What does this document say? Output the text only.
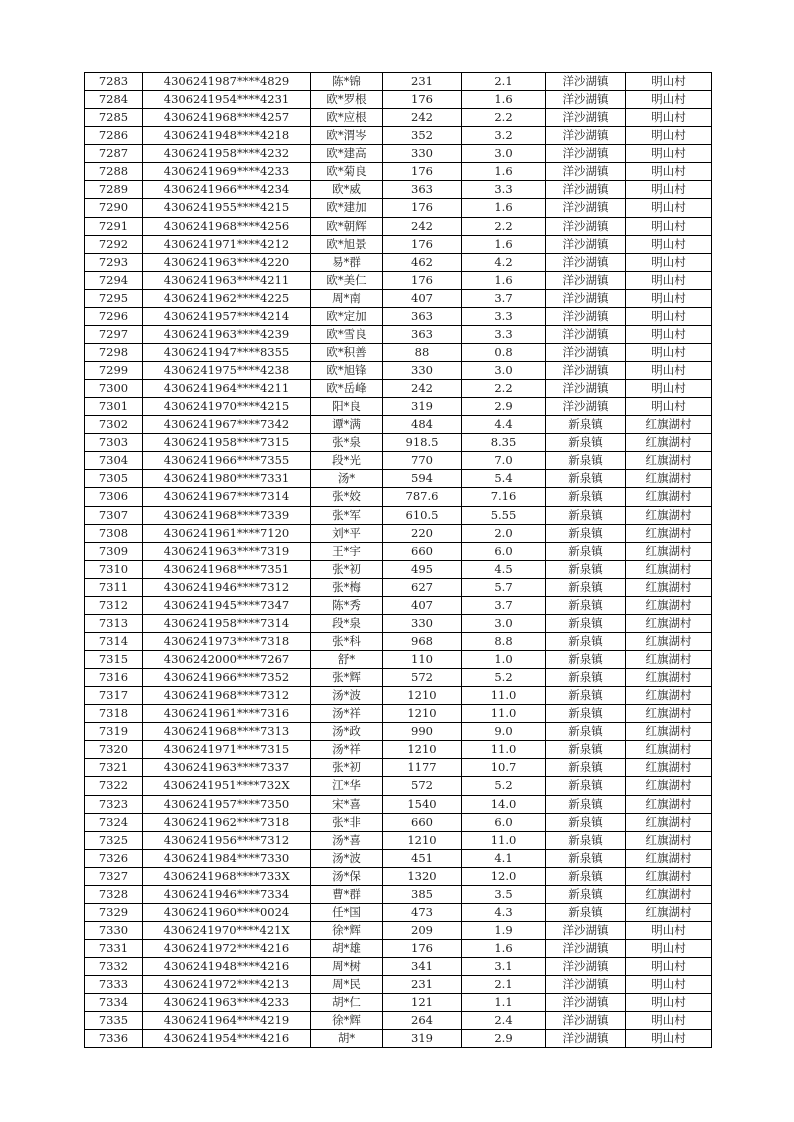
7283	4306241987****4829	陈*锦	231	2.1	洋沙湖镇	明山村
7284	4306241954****4231	欧*罗根	176	1.6	洋沙湖镇	明山村
7285	4306241968****4257	欧*应根	242	2.2	洋沙湖镇	明山村
7286	4306241948****4218	欧*渭岑	352	3.2	洋沙湖镇	明山村
7287	4306241958****4232	欧*建高	330	3.0	洋沙湖镇	明山村
7288	4306241969****4233	欧*菊良	176	1.6	洋沙湖镇	明山村
7289	4306241966****4234	欧*威	363	3.3	洋沙湖镇	明山村
7290	4306241955****4215	欧*建加	176	1.6	洋沙湖镇	明山村
7291	4306241968****4256	欧*朝辉	242	2.2	洋沙湖镇	明山村
7292	4306241971****4212	欧*旭景	176	1.6	洋沙湖镇	明山村
7293	4306241963****4220	易*群	462	4.2	洋沙湖镇	明山村
7294	4306241963****4211	欧*美仁	176	1.6	洋沙湖镇	明山村
7295	4306241962****4225	周*南	407	3.7	洋沙湖镇	明山村
7296	4306241957****4214	欧*定加	363	3.3	洋沙湖镇	明山村
7297	4306241963****4239	欧*雪良	363	3.3	洋沙湖镇	明山村
7298	4306241947****8355	欧*积善	88	0.8	洋沙湖镇	明山村
7299	4306241975****4238	欧*旭锋	330	3.0	洋沙湖镇	明山村
7300	4306241964****4211	欧*岳峰	242	2.2	洋沙湖镇	明山村
7301	4306241970****4215	阳*良	319	2.9	洋沙湖镇	明山村
7302	4306241967****7342	谭*满	484	4.4	新泉镇	红旗湖村
7303	4306241958****7315	张*泉	918.5	8.35	新泉镇	红旗湖村
7304	4306241966****7355	段*光	770	7.0	新泉镇	红旗湖村
7305	4306241980****7331	汤*	594	5.4	新泉镇	红旗湖村
7306	4306241967****7314	张*姣	787.6	7.16	新泉镇	红旗湖村
7307	4306241968****7339	张*军	610.5	5.55	新泉镇	红旗湖村
7308	4306241961****7120	刘*平	220	2.0	新泉镇	红旗湖村
7309	4306241963****7319	王*宇	660	6.0	新泉镇	红旗湖村
7310	4306241968****7351	张*初	495	4.5	新泉镇	红旗湖村
7311	4306241946****7312	张*梅	627	5.7	新泉镇	红旗湖村
7312	4306241945****7347	陈*秀	407	3.7	新泉镇	红旗湖村
7313	4306241958****7314	段*泉	330	3.0	新泉镇	红旗湖村
7314	4306241973****7318	张*科	968	8.8	新泉镇	红旗湖村
7315	4306242000****7267	舒*	110	1.0	新泉镇	红旗湖村
7316	4306241966****7352	张*辉	572	5.2	新泉镇	红旗湖村
7317	4306241968****7312	汤*波	1210	11.0	新泉镇	红旗湖村
7318	4306241961****7316	汤*祥	1210	11.0	新泉镇	红旗湖村
7319	4306241968****7313	汤*政	990	9.0	新泉镇	红旗湖村
7320	4306241971****7315	汤*祥	1210	11.0	新泉镇	红旗湖村
7321	4306241963****7337	张*初	1177	10.7	新泉镇	红旗湖村
7322	4306241951****732X	江*华	572	5.2	新泉镇	红旗湖村
7323	4306241957****7350	宋*喜	1540	14.0	新泉镇	红旗湖村
7324	4306241962****7318	张*非	660	6.0	新泉镇	红旗湖村
7325	4306241956****7312	汤*喜	1210	11.0	新泉镇	红旗湖村
7326	4306241984****7330	汤*波	451	4.1	新泉镇	红旗湖村
7327	4306241968****733X	汤*保	1320	12.0	新泉镇	红旗湖村
7328	4306241946****7334	曹*群	385	3.5	新泉镇	红旗湖村
7329	4306241960****0024	任*国	473	4.3	新泉镇	红旗湖村
7330	4306241970****421X	徐*辉	209	1.9	洋沙湖镇	明山村
7331	4306241972****4216	胡*雄	176	1.6	洋沙湖镇	明山村
7332	4306241948****4216	周*树	341	3.1	洋沙湖镇	明山村
7333	4306241972****4213	周*民	231	2.1	洋沙湖镇	明山村
7334	4306241963****4233	胡*仁	121	1.1	洋沙湖镇	明山村
7335	4306241964****4219	徐*辉	264	2.4	洋沙湖镇	明山村
7336	4306241954****4216	胡*	319	2.9	洋沙湖镇	明山村
